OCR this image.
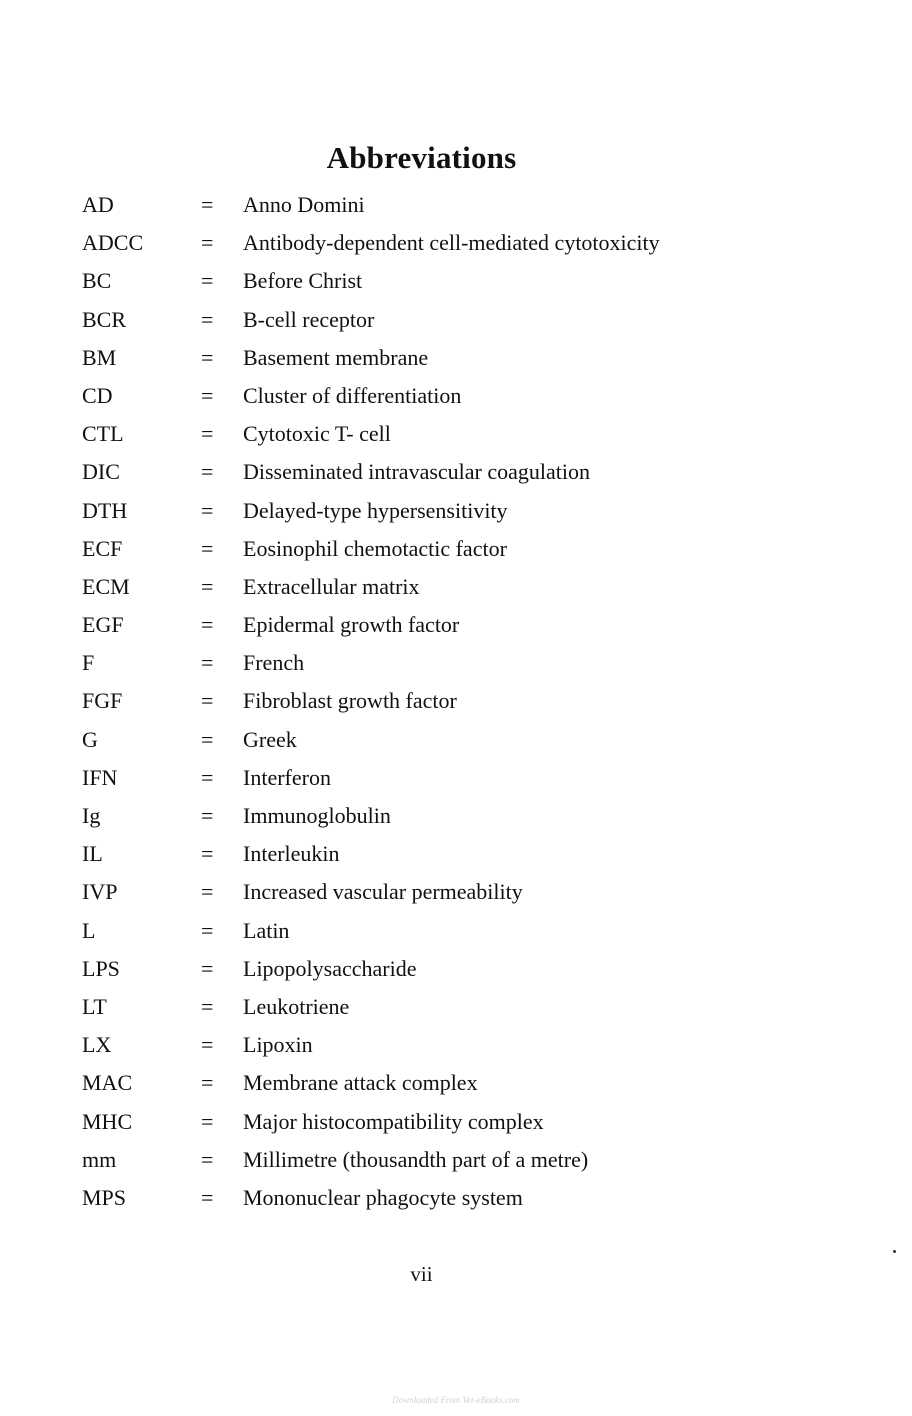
Abbreviations
AD	= Anno Domini
ADCC	= Antibody-dependent cell-mediated cytotoxicity
BC	= Before Christ
BCR	= B-cell receptor
BM	= Basement membrane
CD	= Cluster of differentiation
CTL	= Cytotoxic T- cell
DIC	= Disseminated intravascular coagulation
DTH	= Delayed-type hypersensitivity
ECF	= Eosinophil chemotactic factor
ECM	= Extracellular matrix
EGF	= Epidermal growth factor
F	= French
FGF	= Fibroblast growth factor
G	= Greek
IFN	= Interferon
Ig	= Immunoglobulin
IL	= Interleukin
IVP	= Increased vascular permeability
L	= Latin
LPS	= Lipopolysaccharide
LT	= Leukotriene
LX	= Lipoxin
MAC	= Membrane attack complex
MHC	= Major histocompatibility complex
mm	= Millimetre (thousandth part of a metre)
MPS	= Mononuclear phagocyte system
vii
Downloaded From Vet-eBooks.com
